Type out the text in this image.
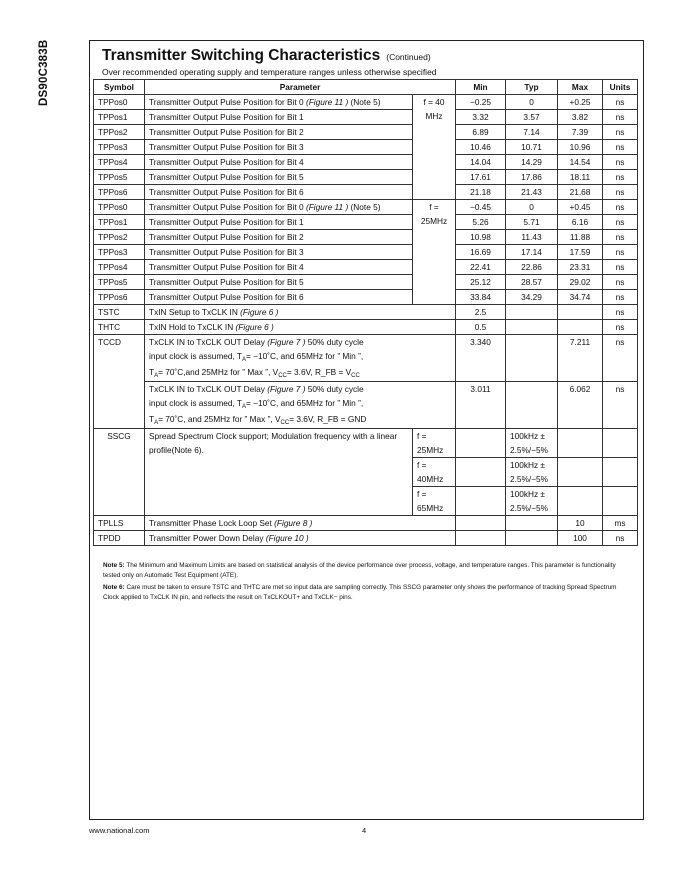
DS90C383B	Transmitter Switching Characteristics (Continued)
Over recommended operating supply and temperature ranges unless otherwise specified
Symbol	Parameter		Min	Typ	Max	Units
TPPos0	Transmitter Output Pulse Position for Bit 0 (Figure 11 ) (Note 5)	f = 40 MHz	−0.25	0	+0.25	ns
TPPos1	Transmitter Output Pulse Position for Bit 1		3.32	3.57	3.82	ns
TPPos2	Transmitter Output Pulse Position for Bit 2		6.89	7.14	7.39	ns
TPPos3	Transmitter Output Pulse Position for Bit 3		10.46	10.71	10.96	ns
TPPos4	Transmitter Output Pulse Position for Bit 4		14.04	14.29	14.54	ns
TPPos5	Transmitter Output Pulse Position for Bit 5		17.61	17.86	18.11	ns
TPPos6	Transmitter Output Pulse Position for Bit 6		21.18	21.43	21.68	ns
TPPos0	Transmitter Output Pulse Position for Bit 0 (Figure 11 ) (Note 5)	f = 25MHz	−0.45	0	+0.45	ns
TPPos1	Transmitter Output Pulse Position for Bit 1		5.26	5.71	6.16	ns
TPPos2	Transmitter Output Pulse Position for Bit 2		10.98	11.43	11.88	ns
TPPos3	Transmitter Output Pulse Position for Bit 3		16.69	17.14	17.59	ns
TPPos4	Transmitter Output Pulse Position for Bit 4		22.41	22.86	23.31	ns
TPPos5	Transmitter Output Pulse Position for Bit 5		25.12	28.57	29.02	ns
TPPos6	Transmitter Output Pulse Position for Bit 6		33.84	34.29	34.74	ns
TSTC	TxIN Setup to TxCLK IN (Figure 6 )		2.5			ns
THTC	TxIN Hold to TxCLK IN (Figure 6 )		0.5			ns
TCCD	TxCLK IN to TxCLK OUT Delay (Figure 7 ) 50% duty cycle
input clock is assumed, $T_A=$ −10˚C, and 65MHz for ” Min ”,
$T_A=$ 70˚C,and 25MHz for ” Max ”, $V_{CC}= 3.6V$, R_FB = $V_{CC}$		3.340		7.211	ns
	TxCLK IN to TxCLK OUT Delay (Figure 7 ) 50% duty cycle
input clock is assumed, $T_A=$ −10˚C, and 65MHz for ” Min ”,
$T_A=$ 70˚C, and 25MHz for ” Max ”, $V_{CC}= 3.6V$, R_FB = GND		3.011		6.062	ns
SSCG	Spread Spectrum Clock support; Modulation frequency with a linear profile(Note 6).	f = 25MHz		100kHz ± 2.5%/−5%		
		f = 40MHz		100kHz ± 2.5%/−5%		
		f = 65MHz		100kHz ± 2.5%/−5%		
TPLLS	Transmitter Phase Lock Loop Set (Figure 8 )				10	ms
TPDD	Transmitter Power Down Delay (Figure 10 )				100	ns

Note 5: The Minimum and Maximum Limits are based on statistical analysis of the device performance over process, voltage, and temperature ranges. This parameter is functionality tested only on Automatic Test Equipment (ATE).

Note 6: Care must be taken to ensure TSTC and THTC are met so input data are sampling correctly. This SSCG parameter only shows the performance of tracking Spread Spectrum Clock applied to TxCLK IN pin, and reflects the result on TxCLKOUT+ and TxCLK− pins.

www.national.com	4
